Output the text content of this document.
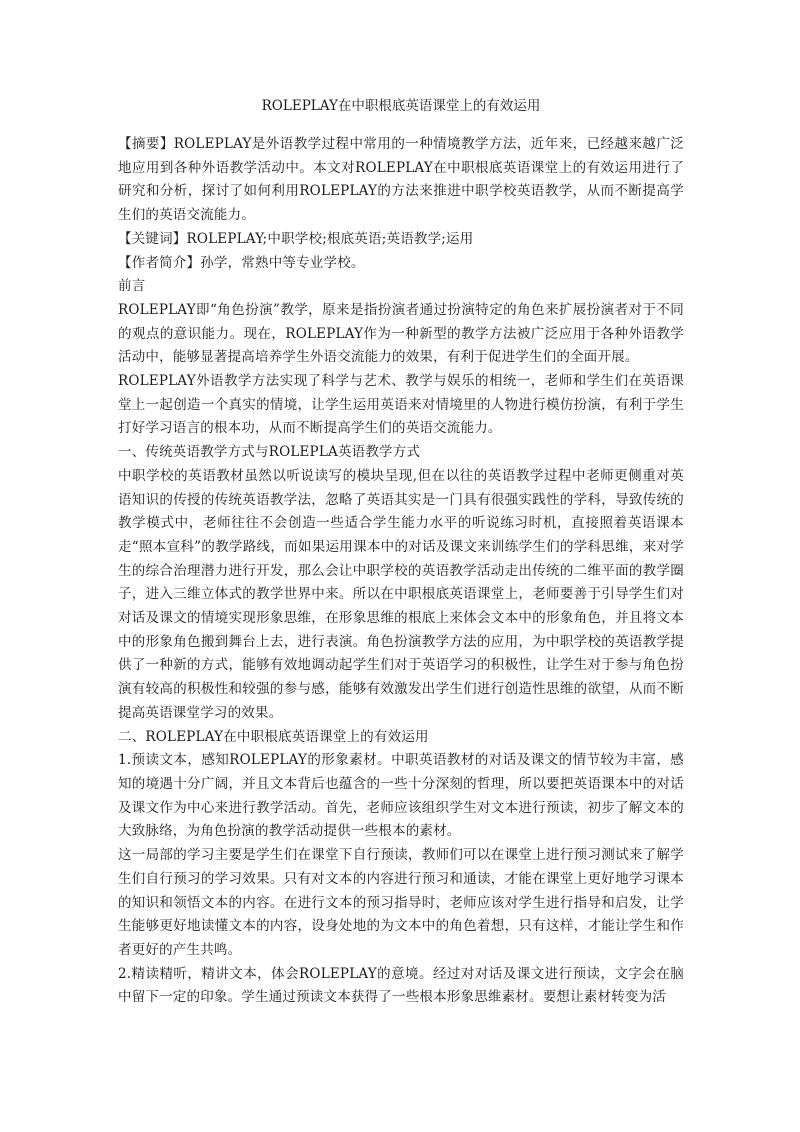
ROLEPLAY在中职根底英语课堂上的有效运用

【摘要】ROLEPLAY是外语教学过程中常用的一种情境教学方法，近年来，已经越来越广泛地应用到各种外语教学活动中。本文对ROLEPLAY在中职根底英语课堂上的有效运用进行了研究和分析，探讨了如何利用ROLEPLAY的方法来推进中职学校英语教学，从而不断提高学生们的英语交流能力。

【关键词】ROLEPLAY;中职学校;根底英语;英语教学;运用

【作者简介】孙学，常熟中等专业学校。

前言

ROLEPLAY即“角色扮演”教学，原来是指扮演者通过扮演特定的角色来扩展扮演者对于不同的观点的意识能力。现在，ROLEPLAY作为一种新型的教学方法被广泛应用于各种外语教学活动中，能够显著提高培养学生外语交流能力的效果，有利于促进学生们的全面开展。

ROLEPLAY外语教学方法实现了科学与艺术、教学与娱乐的相统一，老师和学生们在英语课堂上一起创造一个真实的情境，让学生运用英语来对情境里的人物进行模仿扮演，有利于学生打好学习语言的根本功，从而不断提高学生们的英语交流能力。

一、传统英语教学方式与ROLEPLA英语教学方式

中职学校的英语教材虽然以听说读写的模块呈现,但在以往的英语教学过程中老师更侧重对英语知识的传授的传统英语教学法，忽略了英语其实是一门具有很强实践性的学科，导致传统的教学模式中，老师往往不会创造一些适合学生能力水平的听说练习时机，直接照着英语课本走“照本宣科”的教学路线，而如果运用课本中的对话及课文来训练学生们的学科思维，来对学生的综合治理潜力进行开发，那么会让中职学校的英语教学活动走出传统的二维平面的教学圈子，进入三维立体式的教学世界中来。所以在中职根底英语课堂上，老师要善于引导学生们对对话及课文的情境实现形象思维，在形象思维的根底上来体会文本中的形象角色，并且将文本中的形象角色搬到舞台上去，进行表演。角色扮演教学方法的应用，为中职学校的英语教学提供了一种新的方式，能够有效地调动起学生们对于英语学习的积极性，让学生对于参与角色扮演有较高的积极性和较强的参与感，能够有效激发出学生们进行创造性思维的欲望，从而不断提高英语课堂学习的效果。

二、ROLEPLAY在中职根底英语课堂上的有效运用

1.预读文本，感知ROLEPLAY的形象素材。中职英语教材的对话及课文的情节较为丰富，感知的境遇十分广阔，并且文本背后也蕴含的一些十分深刻的哲理，所以要把英语课本中的对话及课文作为中心来进行教学活动。首先，老师应该组织学生对文本进行预读，初步了解文本的大致脉络，为角色扮演的教学活动提供一些根本的素材。

这一局部的学习主要是学生们在课堂下自行预读，教师们可以在课堂上进行预习测试来了解学生们自行预习的学习效果。只有对文本的内容进行预习和通读，才能在课堂上更好地学习课本的知识和领悟文本的内容。在进行文本的预习指导时，老师应该对学生进行指导和启发，让学生能够更好地读懂文本的内容，设身处地的为文本中的角色着想，只有这样，才能让学生和作者更好的产生共鸣。

2.精读精听，精讲文本，体会ROLEPLAY的意境。经过对对话及课文进行预读，文字会在脑中留下一定的印象。学生通过预读文本获得了一些根本形象思维素材。要想让素材转变为活
